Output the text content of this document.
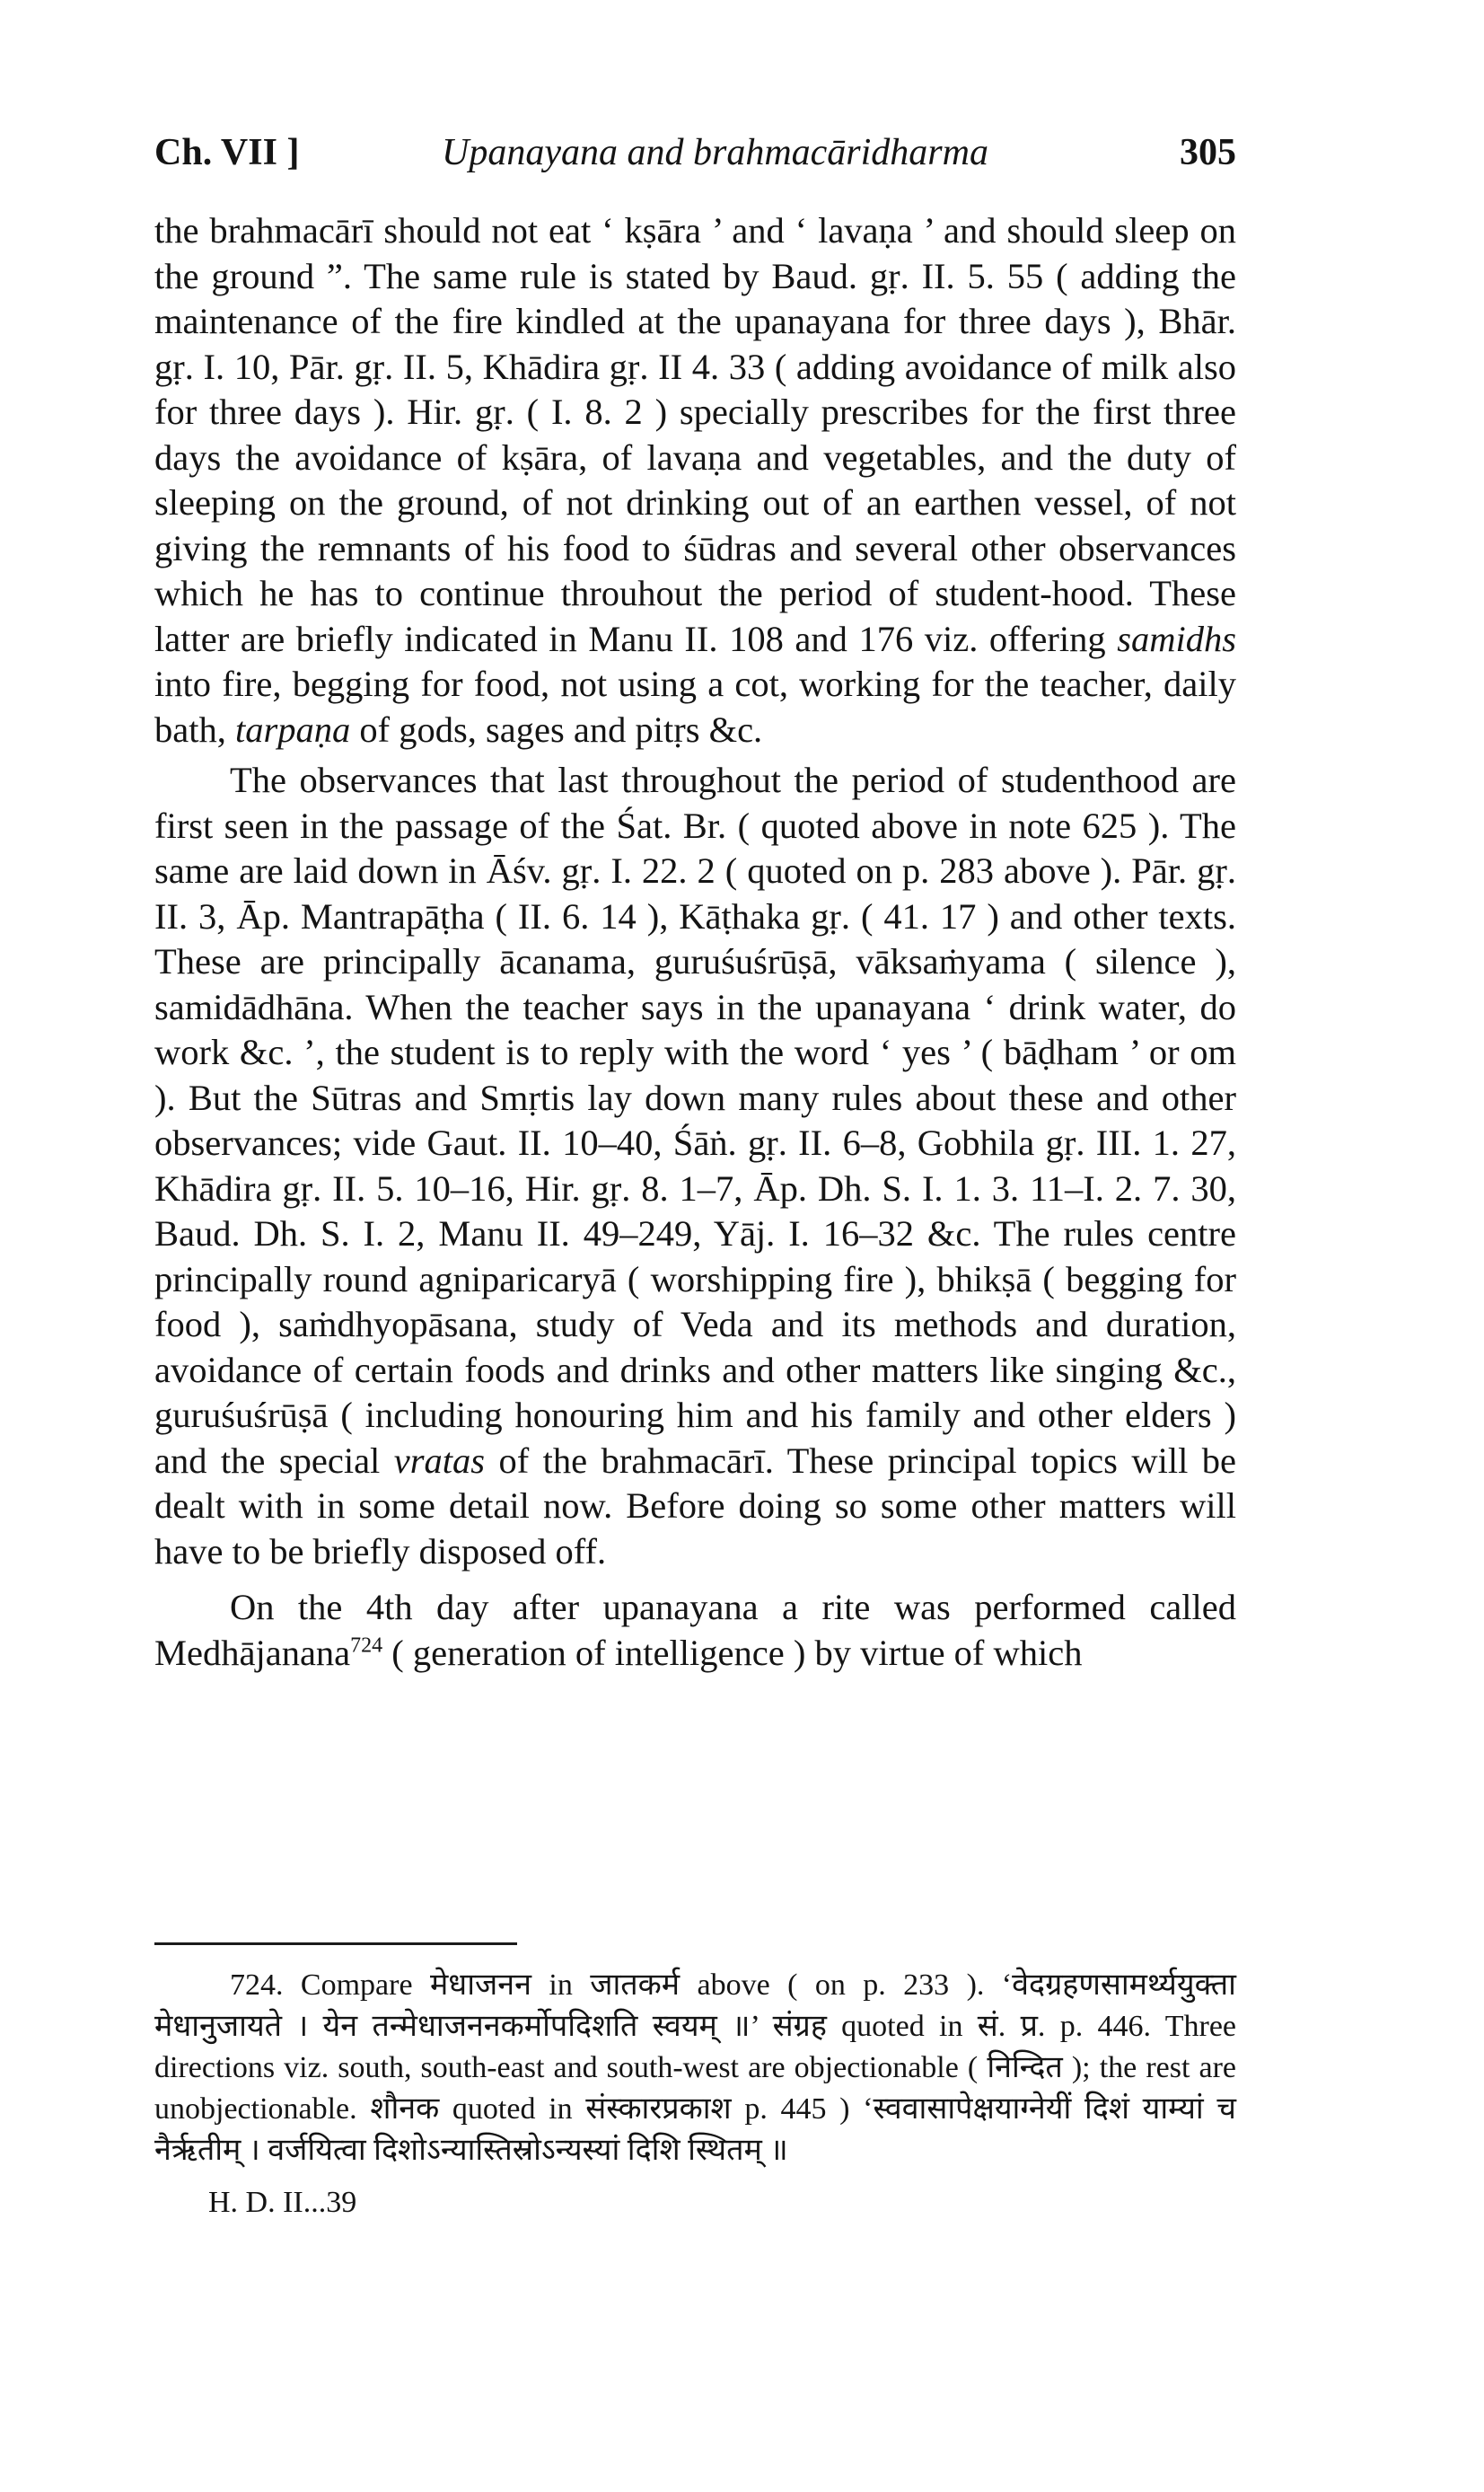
Ch. VII ]	Upanayana and brahmacāridharma	305

the brahmacārī should not eat ‘ kṣāra ’ and ‘ lavaṇa ’ and should sleep on the ground ”. The same rule is stated by Baud. gṛ. II. 5. 55 ( adding the maintenance of the fire kindled at the upanayana for three days ), Bhār. gṛ. I. 10, Pār. gṛ. II. 5, Khādira gṛ. II 4. 33 ( adding avoidance of milk also for three days ). Hir. gṛ. ( I. 8. 2 ) specially prescribes for the first three days the avoidance of kṣāra, of lavaṇa and vegetables, and the duty of sleeping on the ground, of not drinking out of an earthen vessel, of not giving the remnants of his food to śūdras and several other observances which he has to continue throuhout the period of student-hood. These latter are briefly indicated in Manu II. 108 and 176 viz. offering samidhs into fire, begging for food, not using a cot, working for the teacher, daily bath, tarpaṇa of gods, sages and pitṛs &c.

The observances that last throughout the period of studenthood are first seen in the passage of the Śat. Br. ( quoted above in note 625 ). The same are laid down in Āśv. gṛ. I. 22. 2 ( quoted on p. 283 above ). Pār. gṛ. II. 3, Āp. Mantrapāṭha ( II. 6. 14 ), Kāṭhaka gṛ. ( 41. 17 ) and other texts. These are principally ācanama, guruśuśrūṣā, vāksaṁyama ( silence ), samidādhāna. When the teacher says in the upanayana ‘ drink water, do work &c. ’, the student is to reply with the word ‘ yes ’ ( bāḍham ’ or om ). But the Sūtras and Smṛtis lay down many rules about these and other observances; vide Gaut. II. 10–40, Śāṅ. gṛ. II. 6–8, Gobhila gṛ. III. 1. 27, Khādira gṛ. II. 5. 10–16, Hir. gṛ. 8. 1–7, Āp. Dh. S. I. 1. 3. 11–I. 2. 7. 30, Baud. Dh. S. I. 2, Manu II. 49–249, Yāj. I. 16–32 &c. The rules centre principally round agniparicaryā ( worshipping fire ), bhikṣā ( begging for food ), saṁdhyopāsana, study of Veda and its methods and duration, avoidance of certain foods and drinks and other matters like singing &c., guruśuśrūṣā ( including honouring him and his family and other elders ) and the special vratas of the brahmacārī. These principal topics will be dealt with in some detail now. Before doing so some other matters will have to be briefly disposed off.

On the 4th day after upanayana a rite was performed called Medhājanana$^{724}$ ( generation of intelligence ) by virtue of which

724. Compare मेधाजनन in जातकर्म above ( on p. 233 ). ‘वेदग्रहणसामर्थ्ययुक्ता मेधानुजायते । येन तन्मेधाजननकर्मोपदिशति स्वयम् ॥’ संग्रह quoted in सं. प्र. p. 446. Three directions viz. south, south-east and south-west are objectionable ( निन्दित ); the rest are unobjectionable. शौनक quoted in संस्कारप्रकाश p. 445 ) ‘स्ववासापेक्षयाग्नेयीं दिशं याम्यां च नैर्ऋतीम् । वर्जयित्वा दिशोऽन्यास्तिस्रोऽन्यस्यां दिशि स्थितम् ॥
H. D. II...39
